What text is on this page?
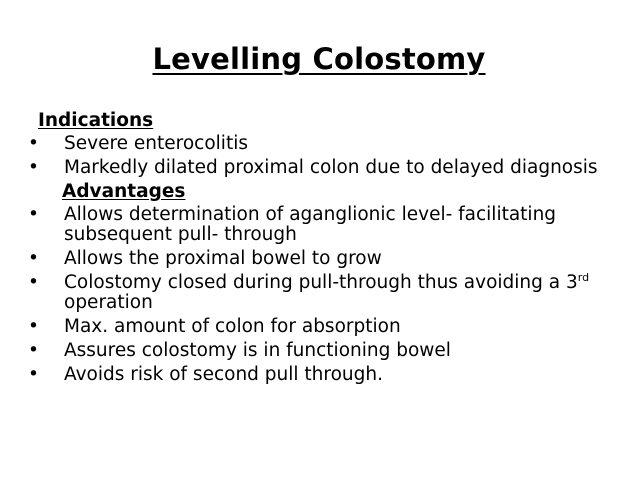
Levelling Colostomy
Indications
• Severe enterocolitis
• Markedly dilated proximal colon due to delayed diagnosis
Advantages
• Allows determination of aganglionic level- facilitating subsequent pull- through
• Allows the proximal bowel to grow
• Colostomy closed during pull-through thus avoiding a 3rd operation
• Max. amount of colon for absorption
• Assures colostomy is in functioning bowel
• Avoids risk of second pull through.
